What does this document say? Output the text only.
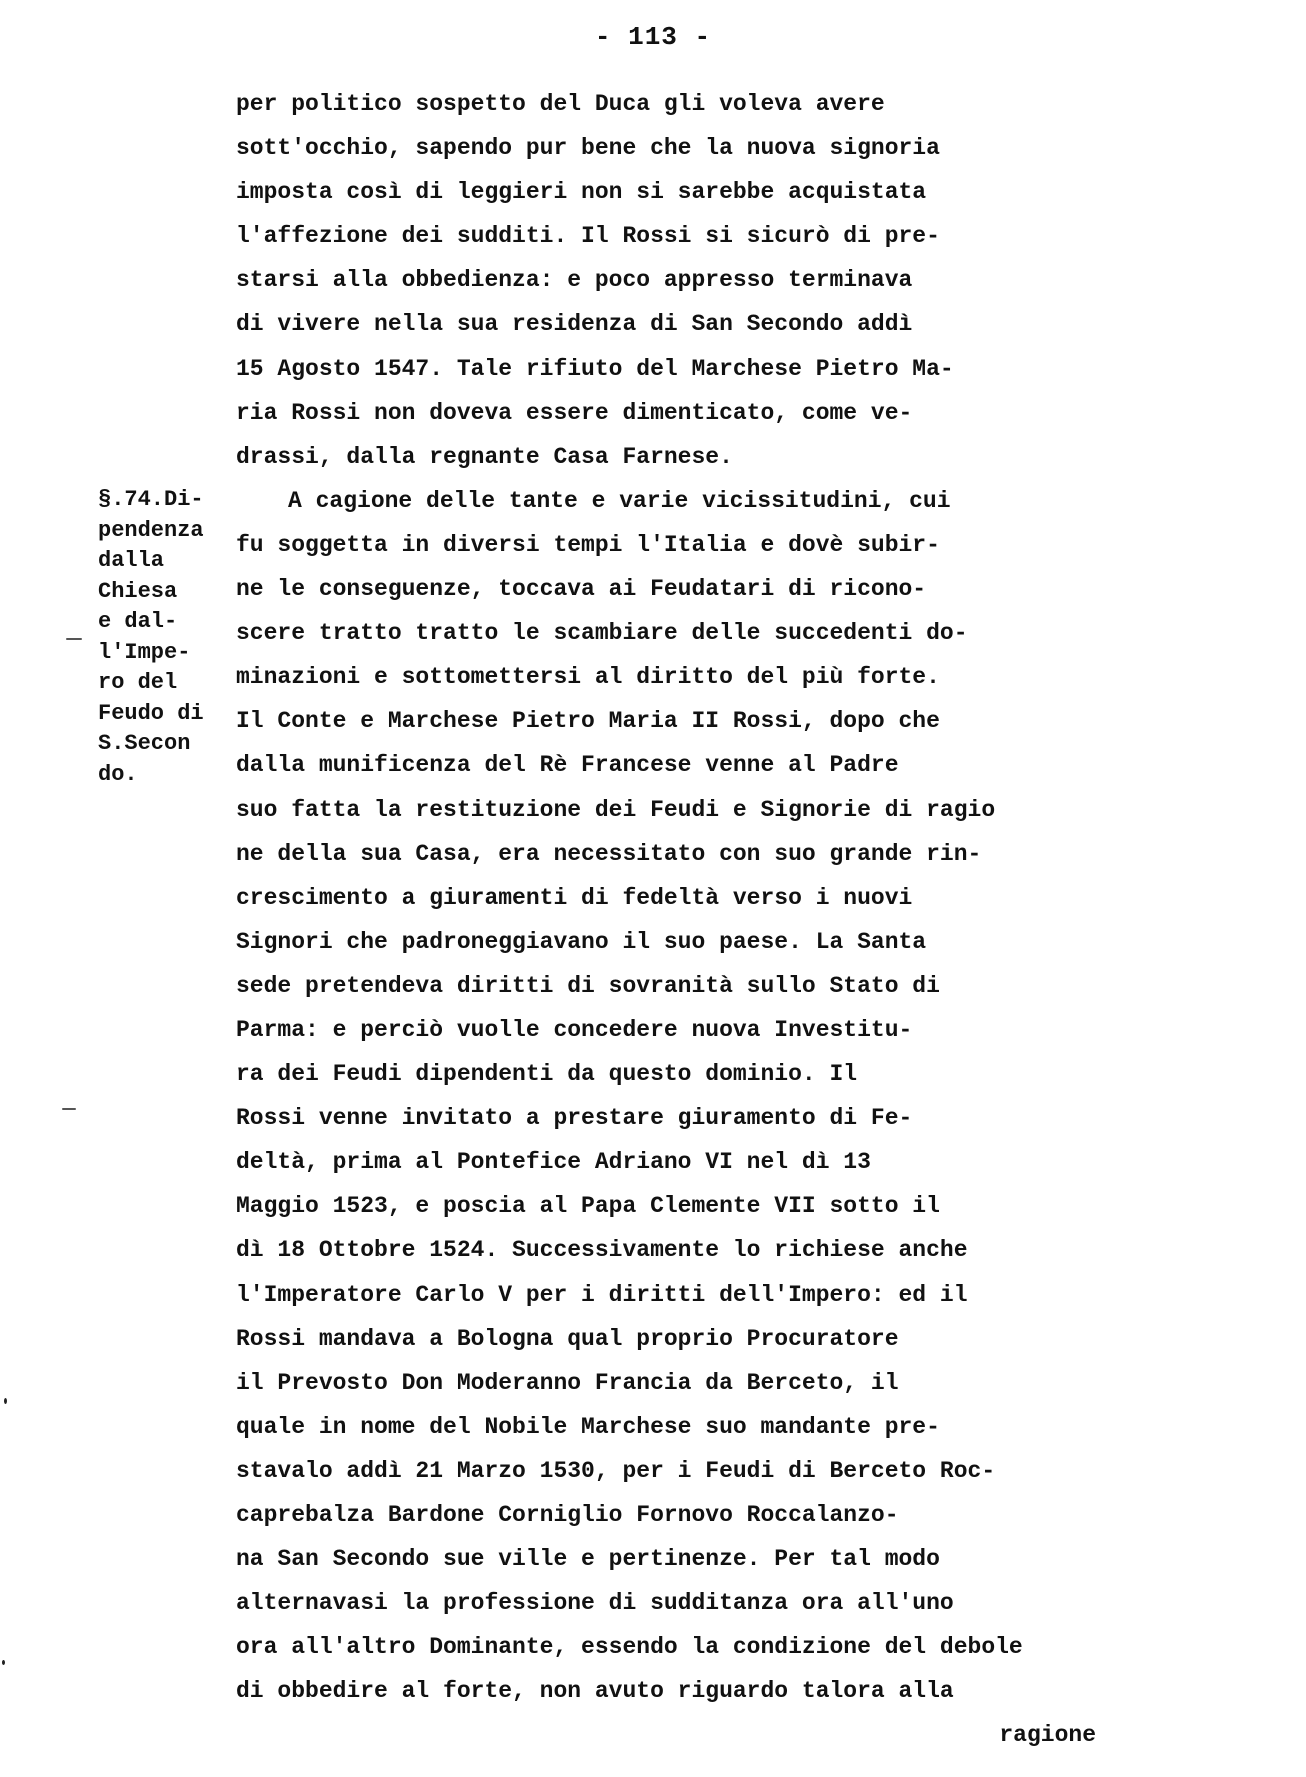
- 113 -
§.74.Di-
pendenza
dalla
Chiesa
e dal-
l'Impe-
ro del
Feudo di
S.Secon
do.
per politico sospetto del Duca gli voleva avere
sott'occhio, sapendo pur bene che la nuova signoria
imposta così di leggieri non si sarebbe acquistata
l'affezione dei sudditi. Il Rossi si sicurò di pre-
starsi alla obbedienza: e poco appresso terminava
di vivere nella sua residenza di San Secondo addì
15 Agosto 1547. Tale rifiuto del Marchese Pietro Ma-
ria Rossi non doveva essere dimenticato, come ve-
drassi, dalla regnante Casa Farnese.
A cagione delle tante e varie vicissitudini, cui
fu soggetta in diversi tempi l'Italia e dovè subir-
ne le conseguenze, toccava ai Feudatari di ricono-
scere tratto tratto le scambiare delle succedenti do-
minazioni e sottomettersi al diritto del più forte.
Il Conte e Marchese Pietro Maria II Rossi, dopo che
dalla munificenza del Rè Francese venne al Padre
suo fatta la restituzione dei Feudi e Signorie di ragio
ne della sua Casa, era necessitato con suo grande rin-
crescimento a giuramenti di fedeltà verso i nuovi
Signori che padroneggiavano il suo paese. La Santa
sede pretendeva diritti di sovranità sullo Stato di
Parma: e perciò vuolle concedere nuova Investitu-
ra dei Feudi dipendenti da questo dominio. Il
Rossi venne invitato a prestare giuramento di Fe-
deltà, prima al Pontefice Adriano VI nel dì 13
Maggio 1523, e poscia al Papa Clemente VII sotto il
dì 18 Ottobre 1524. Successivamente lo richiese anche
l'Imperatore Carlo V per i diritti dell'Impero: ed il
Rossi mandava a Bologna qual proprio Procuratore
il Prevosto Don Moderanno Francia da Berceto, il
quale in nome del Nobile Marchese suo mandante pre-
stavalo addì 21 Marzo 1530, per i Feudi di Berceto Roc-
caprebalza Bardone Corniglio Fornovo Roccalanzo-
na San Secondo sue ville e pertinenze. Per tal modo
alternavasi la professione di sudditanza ora all'uno
ora all'altro Dominante, essendo la condizione del debole
di obbedire al forte, non avuto riguardo talora alla
ragione
